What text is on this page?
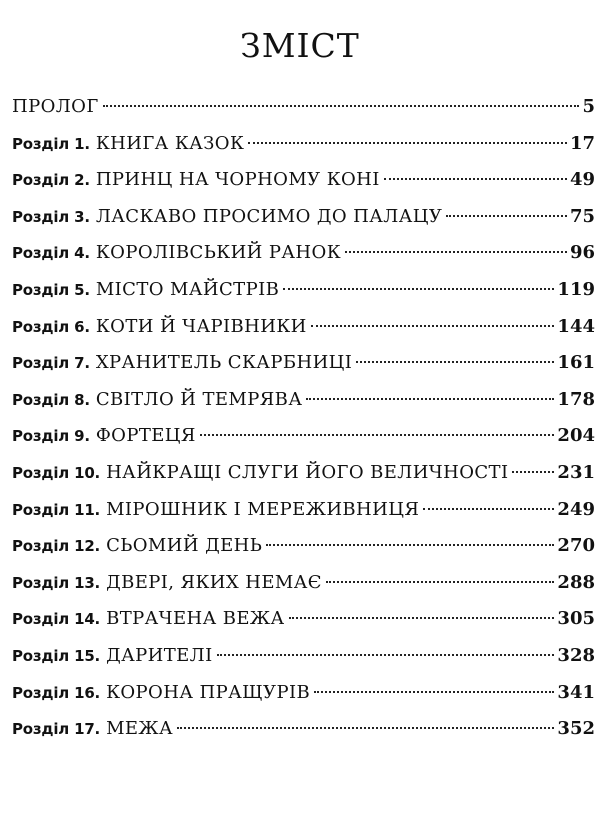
ЗМІСТ
ПРОЛОГ	5
Розділ 1. КНИГА КАЗОК	17
Розділ 2. ПРИНЦ НА ЧОРНОМУ КОНІ	49
Розділ 3. ЛАСКАВО ПРОСИМО ДО ПАЛАЦУ	75
Розділ 4. КОРОЛІВСЬКИЙ РАНОК	96
Розділ 5. МІСТО МАЙСТРІВ	119
Розділ 6. КОТИ Й ЧАРІВНИКИ	144
Розділ 7. ХРАНИТЕЛЬ СКАРБНИЦІ	161
Розділ 8. СВІТЛО Й ТЕМРЯВА	178
Розділ 9. ФОРТЕЦЯ	204
Розділ 10. НАЙКРАЩІ СЛУГИ ЙОГО ВЕЛИЧНОСТІ	231
Розділ 11. МІРОШНИК І МЕРЕЖИВНИЦЯ	249
Розділ 12. СЬОМИЙ ДЕНЬ	270
Розділ 13. ДВЕРІ, ЯКИХ НЕМАЄ	288
Розділ 14. ВТРАЧЕНА ВЕЖА	305
Розділ 15. ДАРИТЕЛІ	328
Розділ 16. КОРОНА ПРАЩУРІВ	341
Розділ 17. МЕЖА	352
